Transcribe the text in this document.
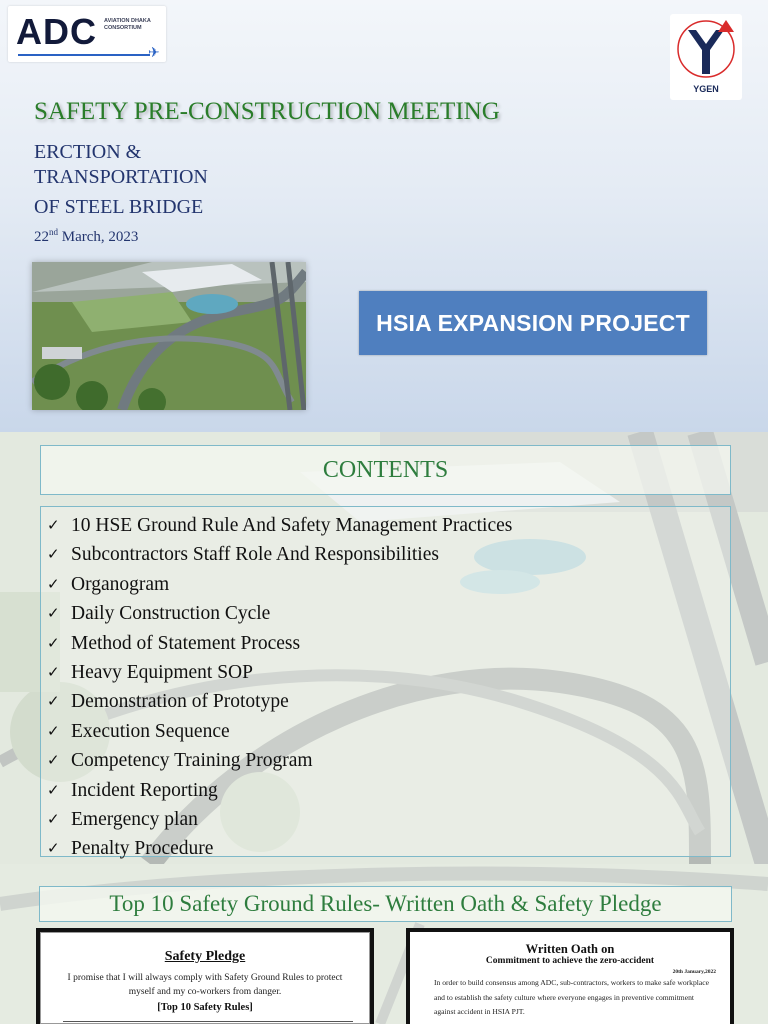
ADC AVIATION DHAKA CONSORTIUM
✈
YGEN
SAFETY PRE-CONSTRUCTION MEETING
ERCTION &
TRANSPORTATION
OF STEEL BRIDGE
22nd March, 2023
HSIA EXPANSION PROJECT
CONTENTS
✓ 10 HSE Ground Rule And Safety Management Practices
✓ Subcontractors Staff Role And Responsibilities
✓ Organogram
✓ Daily Construction Cycle
✓ Method of Statement Process
✓ Heavy Equipment SOP
✓ Demonstration of Prototype
✓ Execution Sequence
✓ Competency Training Program
✓ Incident Reporting
✓ Emergency plan
✓ Penalty Procedure
Top 10 Safety Ground Rules- Written Oath & Safety Pledge
Safety Pledge
I promise that I will always comply with Safety Ground Rules to protect myself and my co-workers from danger.
[Top 10 Safety Rules]
Written Oath on
Commitment to achieve the zero-accident
20th January,2022
In order to build consensus among ADC, sub-contractors, workers to make safe workplace and to establish the safety culture where everyone engages in preventive commitment against accident in HSIA PJT.
